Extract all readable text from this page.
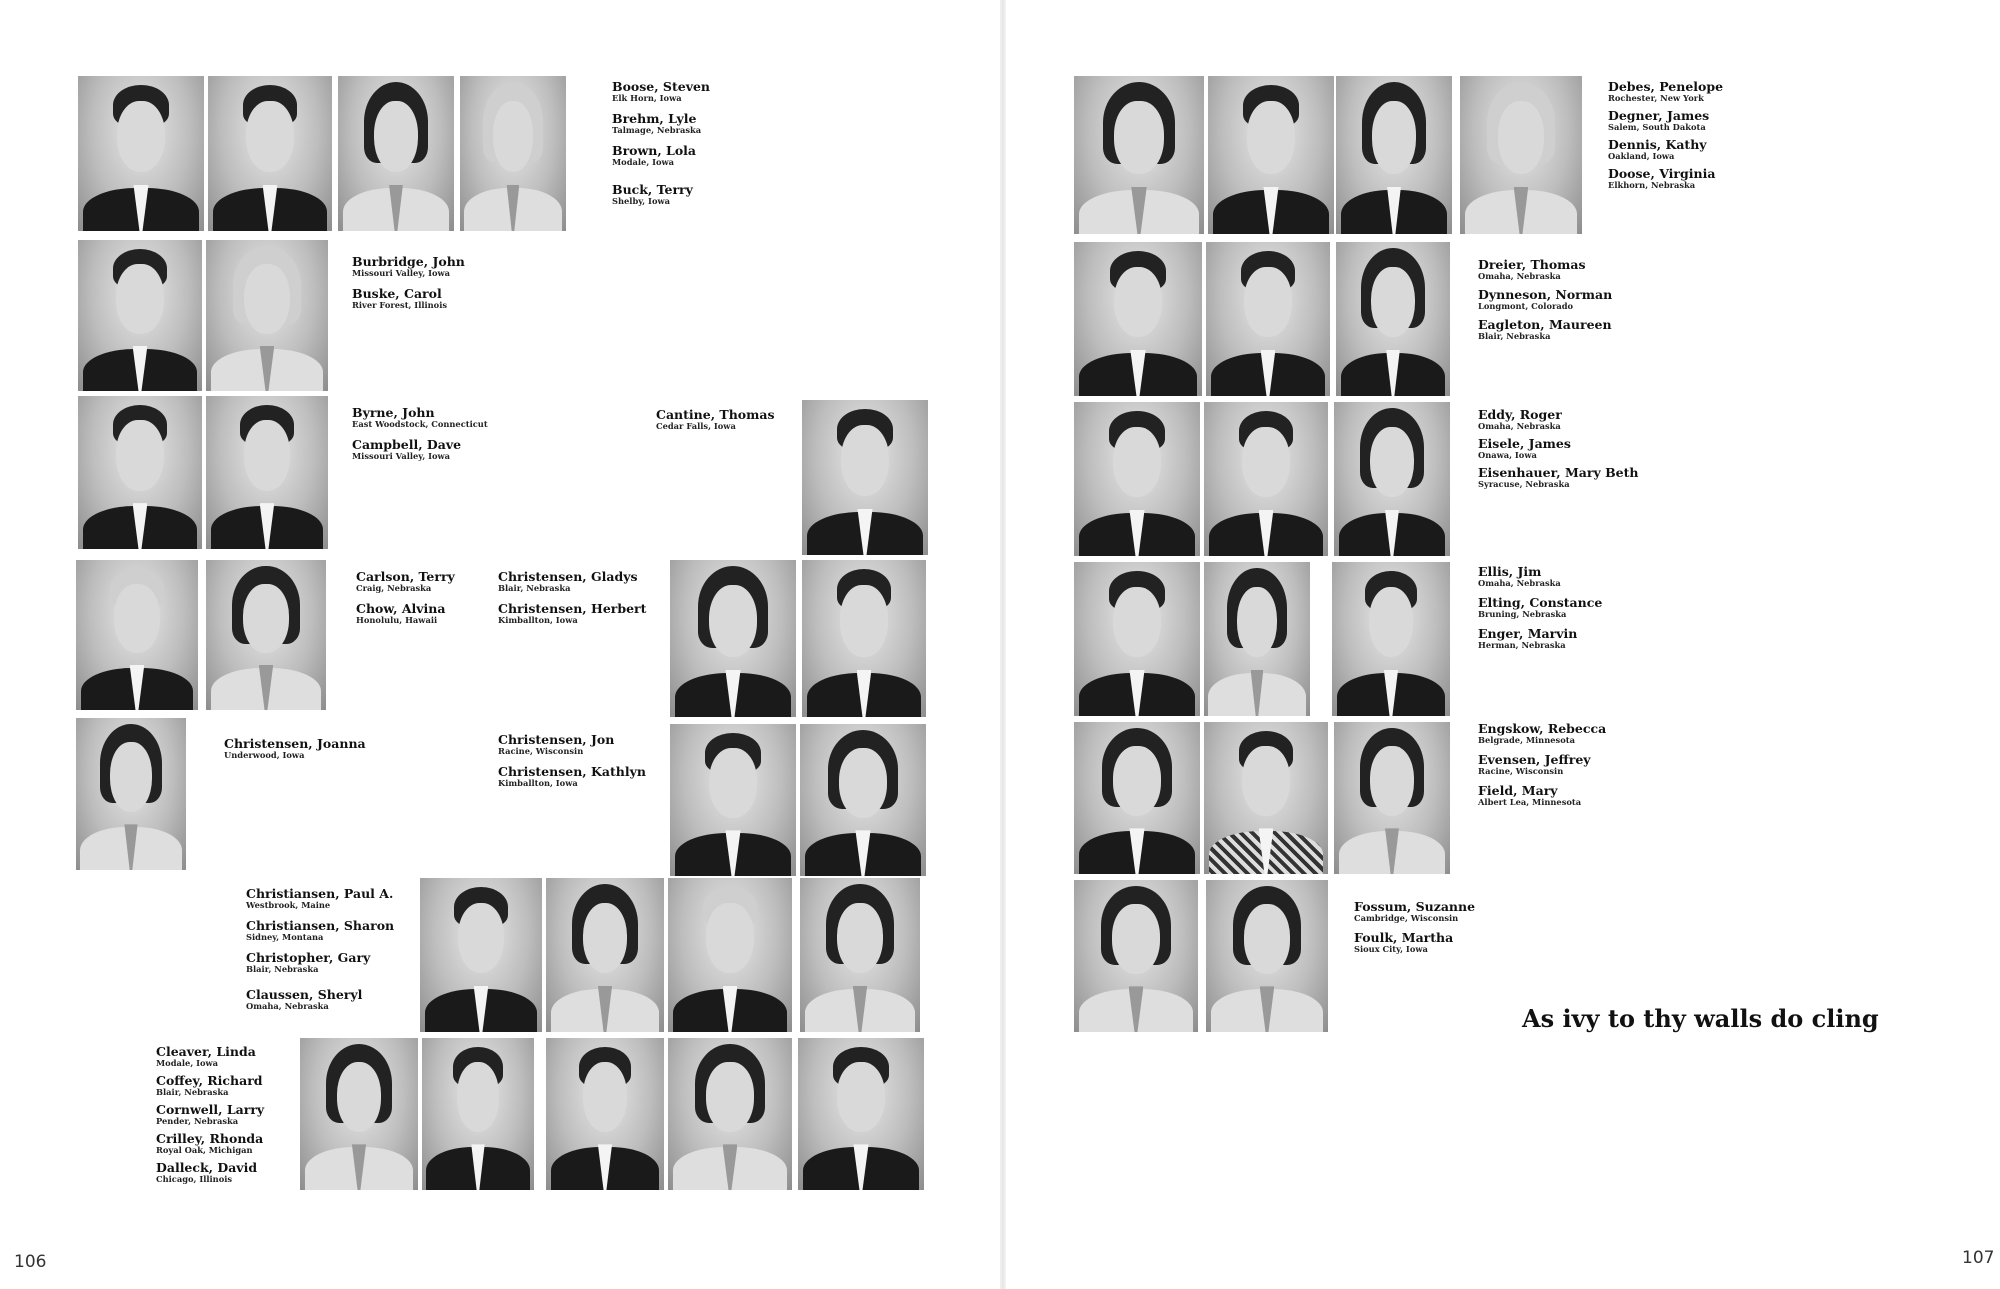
Boose, Steven
Elk Horn, Iowa
Brehm, Lyle
Talmage, Nebraska
Brown, Lola
Modale, Iowa
Buck, Terry
Shelby, Iowa
Burbridge, John
Missouri Valley, Iowa
Buske, Carol
River Forest, Illinois
Byrne, John
East Woodstock, Connecticut
Campbell, Dave
Missouri Valley, Iowa
Cantine, Thomas
Cedar Falls, Iowa
Carlson, Terry
Craig, Nebraska
Chow, Alvina
Honolulu, Hawaii
Christensen, Gladys
Blair, Nebraska
Christensen, Herbert
Kimballton, Iowa
Christensen, Joanna
Underwood, Iowa
Christensen, Jon
Racine, Wisconsin
Christensen, Kathlyn
Kimballton, Iowa
Christiansen, Paul A.
Westbrook, Maine
Christiansen, Sharon
Sidney, Montana
Christopher, Gary
Blair, Nebraska
Claussen, Sheryl
Omaha, Nebraska
Cleaver, Linda
Modale, Iowa
Coffey, Richard
Blair, Nebraska
Cornwell, Larry
Pender, Nebraska
Crilley, Rhonda
Royal Oak, Michigan
Dalleck, David
Chicago, Illinois
106
Debes, Penelope
Rochester, New York
Degner, James
Salem, South Dakota
Dennis, Kathy
Oakland, Iowa
Doose, Virginia
Elkhorn, Nebraska
Dreier, Thomas
Omaha, Nebraska
Dynneson, Norman
Longmont, Colorado
Eagleton, Maureen
Blair, Nebraska
Eddy, Roger
Omaha, Nebraska
Eisele, James
Onawa, Iowa
Eisenhauer, Mary Beth
Syracuse, Nebraska
Ellis, Jim
Omaha, Nebraska
Elting, Constance
Bruning, Nebraska
Enger, Marvin
Herman, Nebraska
Engskow, Rebecca
Belgrade, Minnesota
Evensen, Jeffrey
Racine, Wisconsin
Field, Mary
Albert Lea, Minnesota
Fossum, Suzanne
Cambridge, Wisconsin
Foulk, Martha
Sioux City, Iowa
As ivy to thy walls do cling
107
